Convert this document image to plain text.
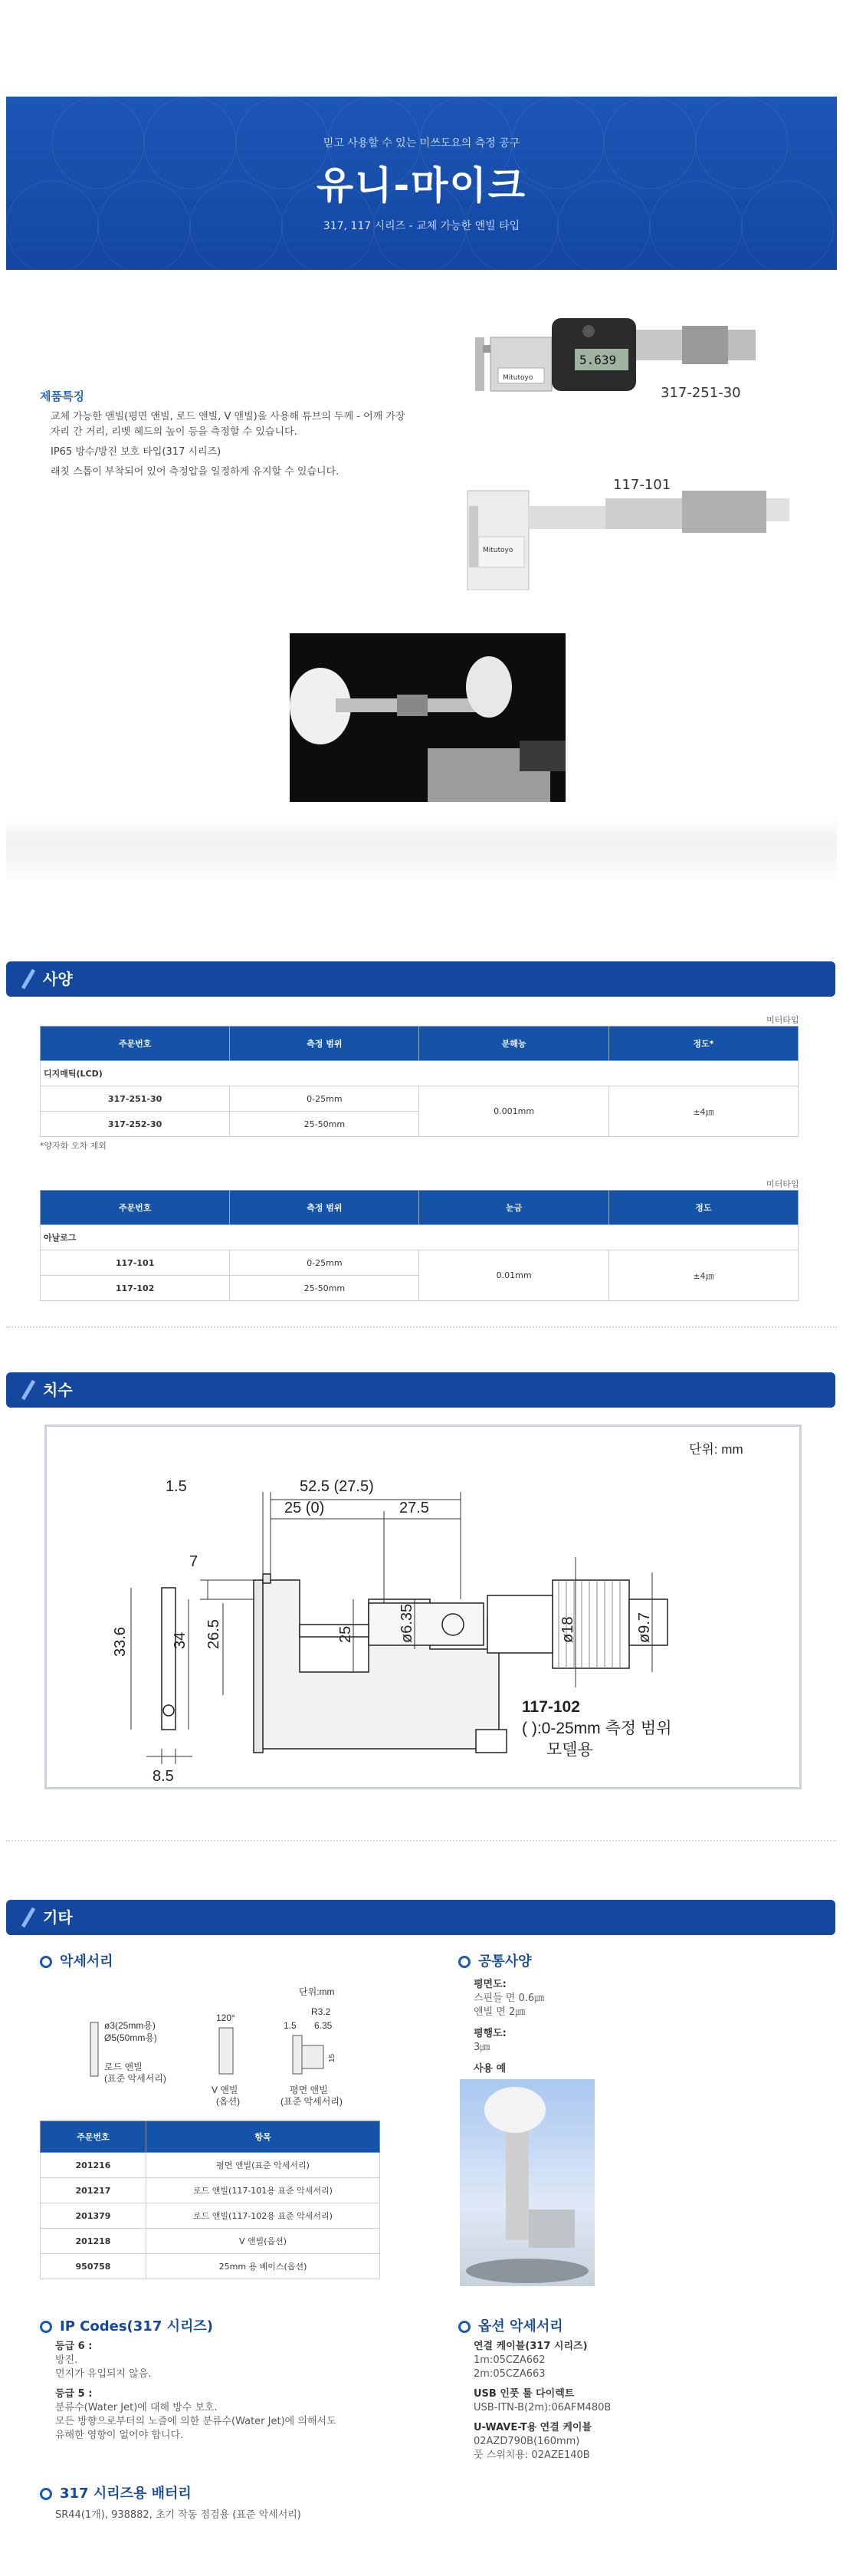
믿고 사용할 수 있는 미쓰도요의 측정 공구
유니-마이크
317, 117 시리즈 - 교체 가능한 앤빌 타입
제품특징
교체 가능한 앤빌(평면 앤빌, 로드 앤빌, V 앤빌)을 사용해 튜브의 두께 - 어깨 가장자리 간 거리, 리벳 헤드의 높이 등을 측정할 수 있습니다.
IP65 방수/방진 보호 타입(317 시리즈)
래칫 스톱이 부착되어 있어 측정압을 일정하게 유지할 수 있습니다.
Mitutoyo
5.639
317-251-30
Mitutoyo
117-101
사양
미터타입
주문번호	측정 범위	분해능	정도*
디지매틱(LCD)			
317-251-30	0-25mm	0.001mm	±4㎛
317-252-30	25-50mm		
*양자화 오차 제외
미터타입
주문번호	측정 범위	눈금	정도
아날로그			
117-101	0-25mm	0.01mm	±4㎛
117-102	25-50mm		
치수
단위: mm
1.5	52.5 (27.5)
25 (0)	27.5
7
33.6	34 26.5	25	ø6.35	ø18	ø9.7
8.5
117-102
( ):0-25mm 측정 범위
모델용
기타
악세서리
단위:mm
ø3(25mm용)
Ø5(50mm용)
로드 앤빌
(표준 악세서리)
120°
V 앤빌
(옵션)
R3.2
1.5 6.35
15
평면 앤빌
(표준 악세서리)
주문번호	항목
201216	평면 앤빌(표준 악세서리)
201217	로드 앤빌(117-101용 표준 악세서리)
201379	로드 앤빌(117-102용 표준 악세서리)
201218	V 앤빌(옵션)
950758	25mm 용 베이스(옵션)
공통사양
평면도:
스핀들 면 0.6㎛
앤빌 면 2㎛
평행도:
3㎛
사용 예
IP Codes(317 시리즈)
등급 6 :
방진.
먼지가 유입되지 않음.
등급 5 :
분류수(Water Jet)에 대해 방수 보호.
모든 방향으로부터의 노즐에 의한 분류수(Water Jet)에 의해서도
유해한 영향이 없어야 합니다.
옵션 악세서리
연결 케이블(317 시리즈)
1m:05CZA662
2m:05CZA663
USB 인풋 툴 다이렉트
USB-ITN-B(2m):06AFM480B
U-WAVE-T용 연결 케이블
02AZD790B(160mm)
풋 스위치용: 02AZE140B
317 시리즈용 배터리
SR44(1개), 938882, 초기 작동 점검용 (표준 악세서리)
